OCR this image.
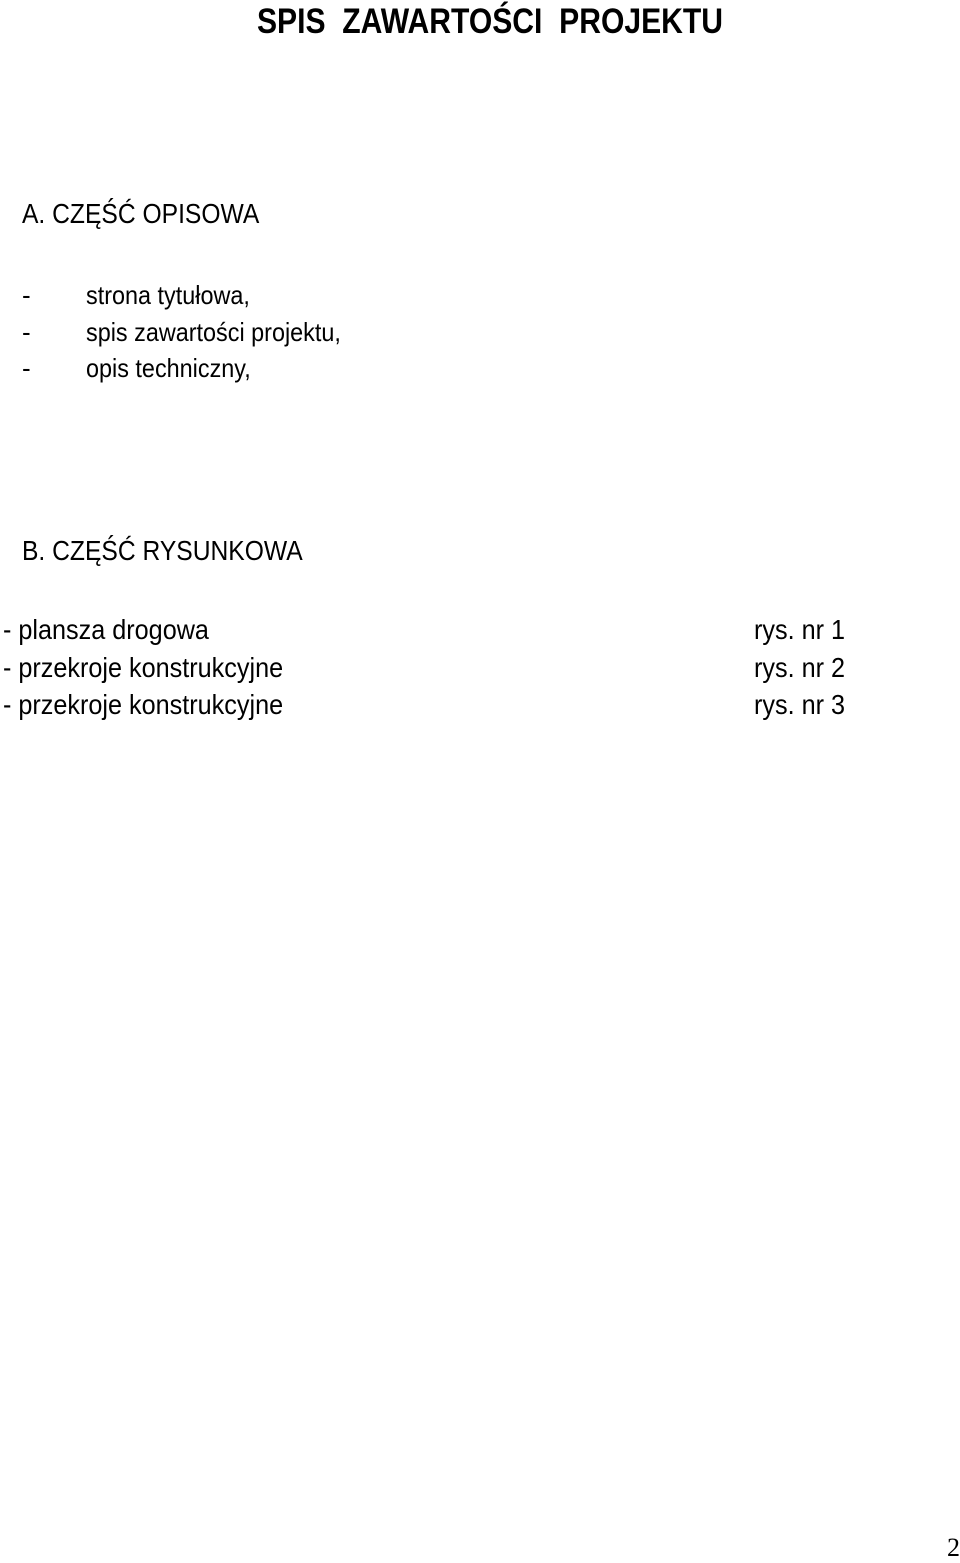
SPIS  ZAWARTOŚCI  PROJEKTU
A. CZĘŚĆ OPISOWA
- strona tytułowa,
- spis zawartości projektu,
- opis techniczny,
B. CZĘŚĆ RYSUNKOWA
- plansza drogowa	rys. nr 1
- przekroje konstrukcyjne	rys. nr 2
- przekroje konstrukcyjne	rys. nr 3
2
